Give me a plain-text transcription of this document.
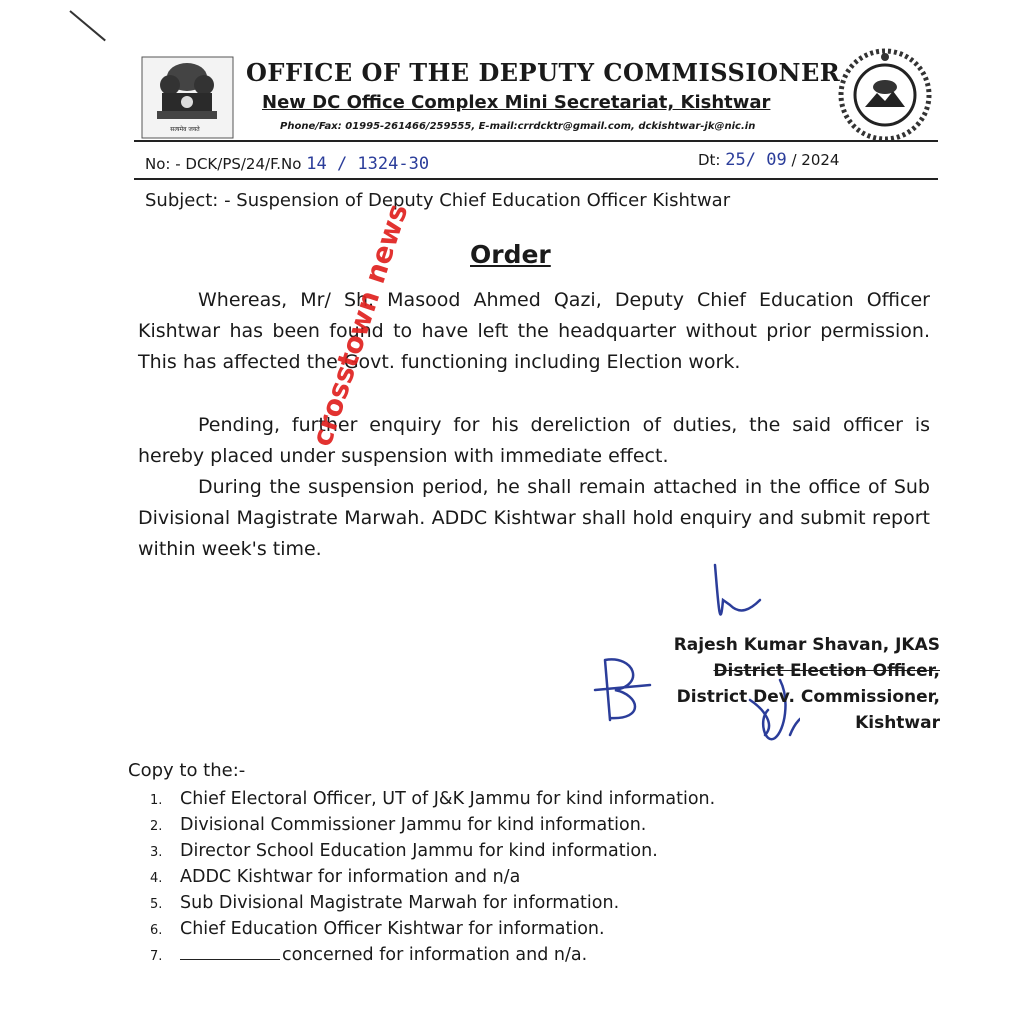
सत्यमेव जयते
OFFICE OF THE DEPUTY COMMISSIONER
New DC Office Complex Mini Secretariat, Kishtwar
Phone/Fax: 01995-261466/259555, E-mail:crrdcktr@gmail.com, dckishtwar-jk@nic.in
No: - DCK/PS/24/F.No 14 / 1324-30	Dt: 25/ 09 / 2024
Subject: - Suspension of Deputy Chief Education Officer Kishtwar
Order
Whereas, Mr/ Sh. Masood Ahmed Qazi, Deputy Chief Education Officer Kishtwar has been found to have left the headquarter without prior permission. This has affected the Govt. functioning including Election work.
Pending, further enquiry for his dereliction of duties, the said officer is hereby placed under suspension with immediate effect.
During the suspension period, he shall remain attached in the office of Sub Divisional Magistrate Marwah. ADDC Kishtwar shall hold enquiry and submit report within week's time.
crosstown news
Rajesh Kumar Shavan, JKAS
District Election Officer,
District Dev. Commissioner,
Kishtwar
Copy to the:-
1. Chief Electoral Officer, UT of J&K Jammu for kind information.
2. Divisional Commissioner Jammu for kind information.
3. Director School Education Jammu for kind information.
4. ADDC Kishtwar for information and n/a
5. Sub Divisional Magistrate Marwah for information.
6. Chief Education Officer Kishtwar for information.
7.	concerned for information and n/a.
